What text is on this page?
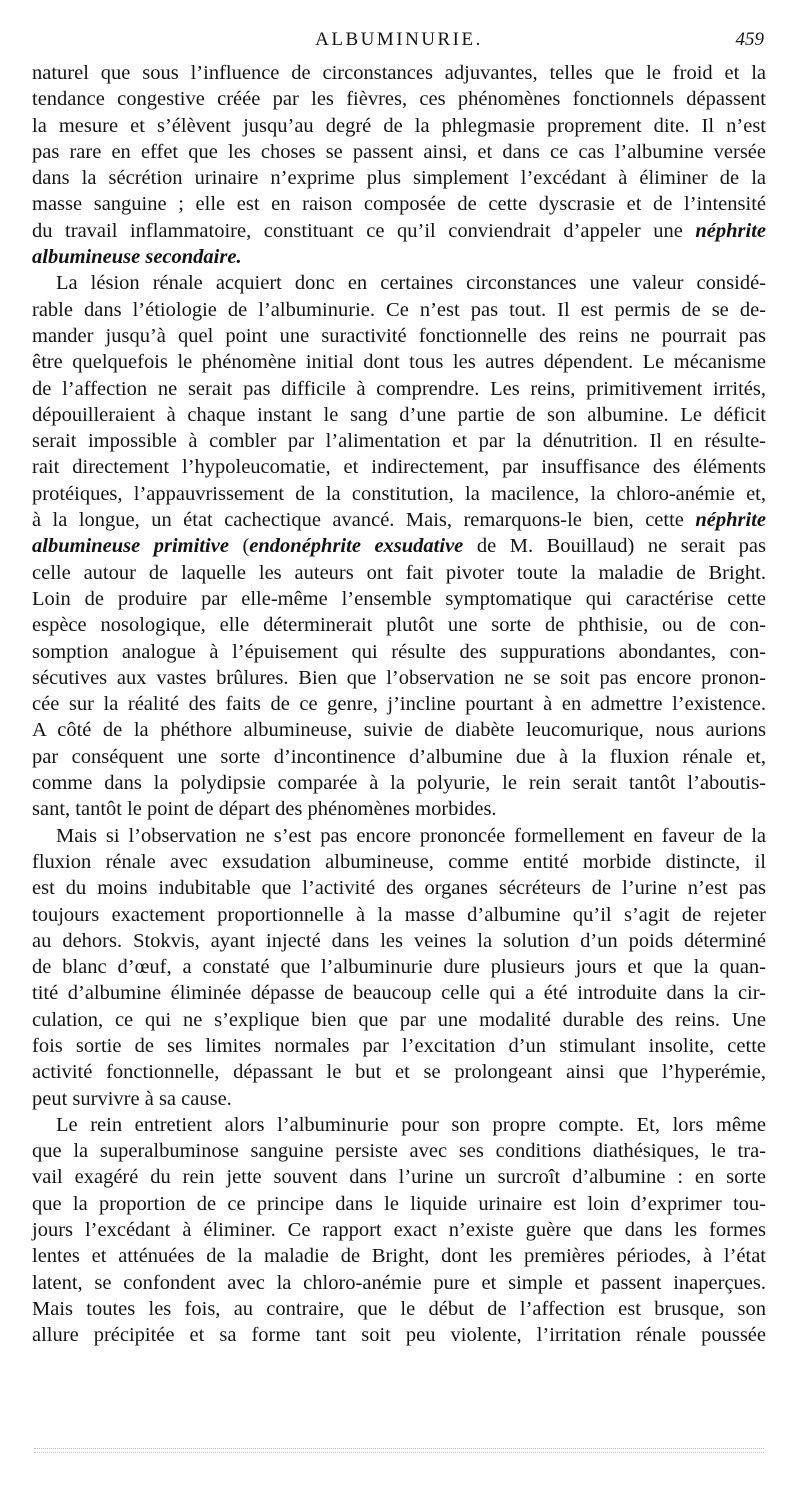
ALBUMINURIE.	459

naturel que sous l’influence de circonstances adjuvantes, telles que le froid et la
tendance congestive créée par les fièvres, ces phénomènes fonctionnels dépassent
la mesure et s’élèvent jusqu’au degré de la phlegmasie proprement dite. Il n’est
pas rare en effet que les choses se passent ainsi, et dans ce cas l’albumine versée
dans la sécrétion urinaire n’exprime plus simplement l’excédant à éliminer de la
masse sanguine ; elle est en raison composée de cette dyscrasie et de l’intensité
du travail inflammatoire, constituant ce qu’il conviendrait d’appeler une néphrite
albumineuse secondaire.

La lésion rénale acquiert donc en certaines circonstances une valeur considé-
rable dans l’étiologie de l’albuminurie. Ce n’est pas tout. Il est permis de se de-
mander jusqu’à quel point une suractivité fonctionnelle des reins ne pourrait pas
être quelquefois le phénomène initial dont tous les autres dépendent. Le mécanisme
de l’affection ne serait pas difficile à comprendre. Les reins, primitivement irrités,
dépouilleraient à chaque instant le sang d’une partie de son albumine. Le déficit
serait impossible à combler par l’alimentation et par la dénutrition. Il en résulte-
rait directement l’hypoleucomatie, et indirectement, par insuffisance des éléments
protéiques, l’appauvrissement de la constitution, la macilence, la chloro-anémie et,
à la longue, un état cachectique avancé. Mais, remarquons-le bien, cette néphrite
albumineuse primitive (endonéphrite exsudative de M. Bouillaud) ne serait pas
celle autour de laquelle les auteurs ont fait pivoter toute la maladie de Bright.
Loin de produire par elle-même l’ensemble symptomatique qui caractérise cette
espèce nosologique, elle déterminerait plutôt une sorte de phthisie, ou de con-
somption analogue à l’épuisement qui résulte des suppurations abondantes, con-
sécutives aux vastes brûlures. Bien que l’observation ne se soit pas encore pronon-
cée sur la réalité des faits de ce genre, j’incline pourtant à en admettre l’existence.
A côté de la phéthore albumineuse, suivie de diabète leucomurique, nous aurions
par conséquent une sorte d’incontinence d’albumine due à la fluxion rénale et,
comme dans la polydipsie comparée à la polyurie, le rein serait tantôt l’aboutis-
sant, tantôt le point de départ des phénomènes morbides.

Mais si l’observation ne s’est pas encore prononcée formellement en faveur de la
fluxion rénale avec exsudation albumineuse, comme entité morbide distincte, il
est du moins indubitable que l’activité des organes sécréteurs de l’urine n’est pas
toujours exactement proportionnelle à la masse d’albumine qu’il s’agit de rejeter
au dehors. Stokvis, ayant injecté dans les veines la solution d’un poids déterminé
de blanc d’œuf, a constaté que l’albuminurie dure plusieurs jours et que la quan-
tité d’albumine éliminée dépasse de beaucoup celle qui a été introduite dans la cir-
culation, ce qui ne s’explique bien que par une modalité durable des reins. Une
fois sortie de ses limites normales par l’excitation d’un stimulant insolite, cette
activité fonctionnelle, dépassant le but et se prolongeant ainsi que l’hyperémie,
peut survivre à sa cause.

Le rein entretient alors l’albuminurie pour son propre compte. Et, lors même
que la superalbuminose sanguine persiste avec ses conditions diathésiques, le tra-
vail exagéré du rein jette souvent dans l’urine un surcroît d’albumine : en sorte
que la proportion de ce principe dans le liquide urinaire est loin d’exprimer tou-
jours l’excédant à éliminer. Ce rapport exact n’existe guère que dans les formes
lentes et atténuées de la maladie de Bright, dont les premières périodes, à l’état
latent, se confondent avec la chloro-anémie pure et simple et passent inaperçues.
Mais toutes les fois, au contraire, que le début de l’affection est brusque, son
allure précipitée et sa forme tant soit peu violente, l’irritation rénale poussée
